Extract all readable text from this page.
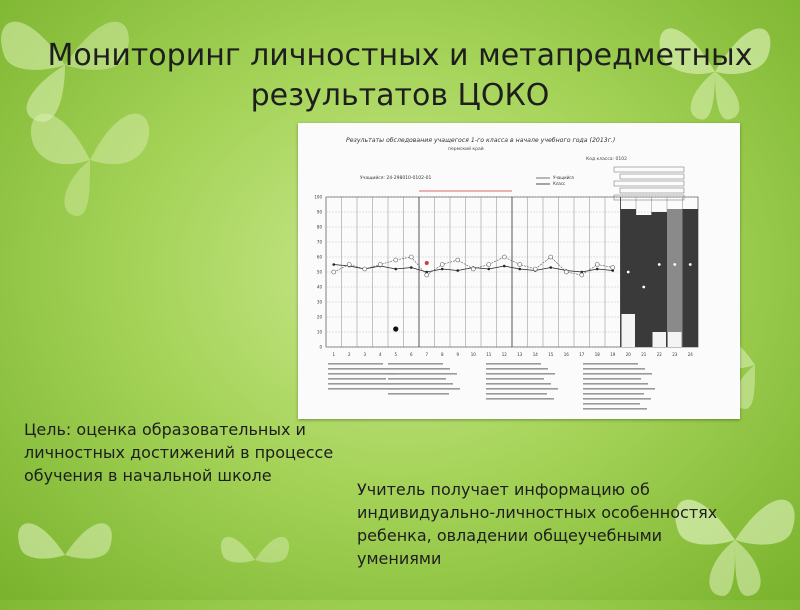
Мониторинг личностных и метапредметных результатов ЦОКО
Результаты обследования учащегося 1-го класса в начале учебного года (2013г.)
пермский край
Код класса: 0102
Учащийся: 24-298010-0102-01	Учащийся
Класс
100
90
80
70
60
50
40
30
20
10
0
1	2	3	4	5	6	7	8	9	10	11	12	13	14	15	16	17	18	19	20	21	22	23	24
Цель: оценка образовательных и личностных достижений в процессе обучения в начальной школе
Учитель получает информацию об индивидуально-личностных особенностях ребенка, овладении общеучебными умениями
